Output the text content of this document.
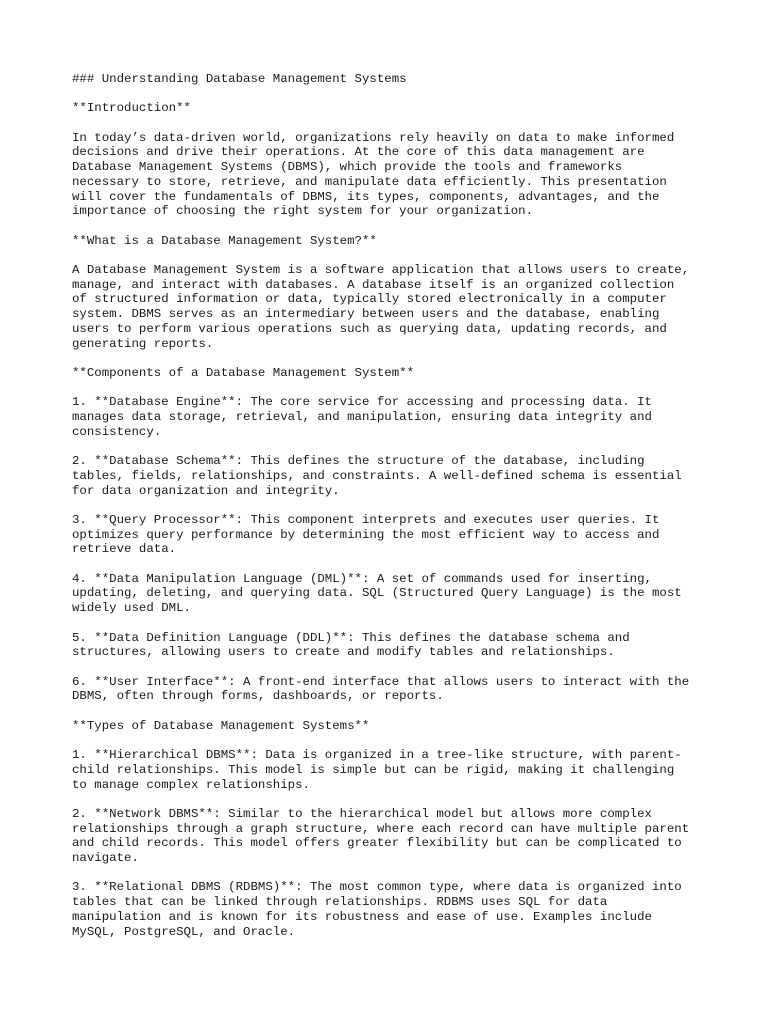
### Understanding Database Management Systems

**Introduction**

In today’s data-driven world, organizations rely heavily on data to make informed
decisions and drive their operations. At the core of this data management are
Database Management Systems (DBMS), which provide the tools and frameworks
necessary to store, retrieve, and manipulate data efficiently. This presentation
will cover the fundamentals of DBMS, its types, components, advantages, and the
importance of choosing the right system for your organization.

**What is a Database Management System?**

A Database Management System is a software application that allows users to create,
manage, and interact with databases. A database itself is an organized collection
of structured information or data, typically stored electronically in a computer
system. DBMS serves as an intermediary between users and the database, enabling
users to perform various operations such as querying data, updating records, and
generating reports.

**Components of a Database Management System**

1. **Database Engine**: The core service for accessing and processing data. It
manages data storage, retrieval, and manipulation, ensuring data integrity and
consistency.

2. **Database Schema**: This defines the structure of the database, including
tables, fields, relationships, and constraints. A well-defined schema is essential
for data organization and integrity.

3. **Query Processor**: This component interprets and executes user queries. It
optimizes query performance by determining the most efficient way to access and
retrieve data.

4. **Data Manipulation Language (DML)**: A set of commands used for inserting,
updating, deleting, and querying data. SQL (Structured Query Language) is the most
widely used DML.

5. **Data Definition Language (DDL)**: This defines the database schema and
structures, allowing users to create and modify tables and relationships.

6. **User Interface**: A front-end interface that allows users to interact with the
DBMS, often through forms, dashboards, or reports.

**Types of Database Management Systems**

1. **Hierarchical DBMS**: Data is organized in a tree-like structure, with parent-
child relationships. This model is simple but can be rigid, making it challenging
to manage complex relationships.

2. **Network DBMS**: Similar to the hierarchical model but allows more complex
relationships through a graph structure, where each record can have multiple parent
and child records. This model offers greater flexibility but can be complicated to
navigate.

3. **Relational DBMS (RDBMS)**: The most common type, where data is organized into
tables that can be linked through relationships. RDBMS uses SQL for data
manipulation and is known for its robustness and ease of use. Examples include
MySQL, PostgreSQL, and Oracle.
